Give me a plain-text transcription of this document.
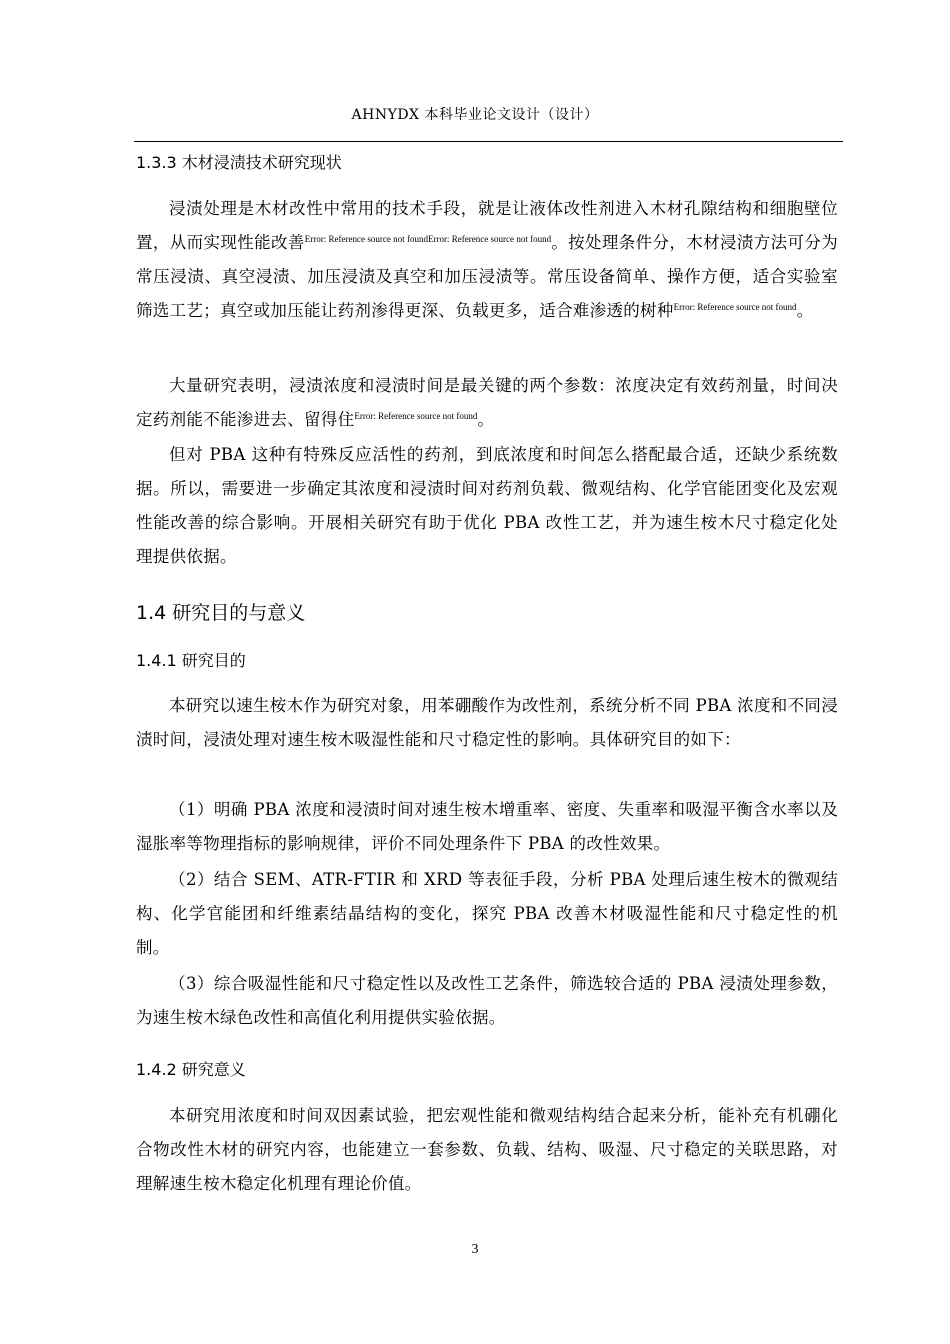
AHNYDX 本科毕业论文设计（设计）
1.3.3 木材浸渍技术研究现状
浸渍处理是木材改性中常用的技术手段，就是让液体改性剂进入木材孔隙结构和细胞壁位置，从而实现性能改善$^{Error: Reference source not foundError: Reference source not found}$。按处理条件分，木材浸渍方法可分为常压浸渍、真空浸渍、加压浸渍及真空和加压浸渍等。常压设备简单、操作方便，适合实验室筛选工艺；真空或加压能让药剂渗得更深、负载更多，适合难渗透的树种$^{Error: Reference source not found}$。
大量研究表明，浸渍浓度和浸渍时间是最关键的两个参数：浓度决定有效药剂量，时间决定药剂能不能渗进去、留得住$^{Error: Reference source not found}$。
但对 PBA 这种有特殊反应活性的药剂，到底浓度和时间怎么搭配最合适，还缺少系统数据。所以，需要进一步确定其浓度和浸渍时间对药剂负载、微观结构、化学官能团变化及宏观性能改善的综合影响。开展相关研究有助于优化 PBA 改性工艺，并为速生桉木尺寸稳定化处理提供依据。
1.4 研究目的与意义
1.4.1 研究目的
本研究以速生桉木作为研究对象，用苯硼酸作为改性剂，系统分析不同 PBA 浓度和不同浸渍时间，浸渍处理对速生桉木吸湿性能和尺寸稳定性的影响。具体研究目的如下：
（1）明确 PBA 浓度和浸渍时间对速生桉木增重率、密度、失重率和吸湿平衡含水率以及湿胀率等物理指标的影响规律，评价不同处理条件下 PBA 的改性效果。
（2）结合 SEM、ATR-FTIR 和 XRD 等表征手段，分析 PBA 处理后速生桉木的微观结构、化学官能团和纤维素结晶结构的变化，探究 PBA 改善木材吸湿性能和尺寸稳定性的机制。
（3）综合吸湿性能和尺寸稳定性以及改性工艺条件，筛选较合适的 PBA 浸渍处理参数，为速生桉木绿色改性和高值化利用提供实验依据。
1.4.2 研究意义
本研究用浓度和时间双因素试验，把宏观性能和微观结构结合起来分析，能补充有机硼化合物改性木材的研究内容，也能建立一套参数、负载、结构、吸湿、尺寸稳定的关联思路，对理解速生桉木稳定化机理有理论价值。
3
